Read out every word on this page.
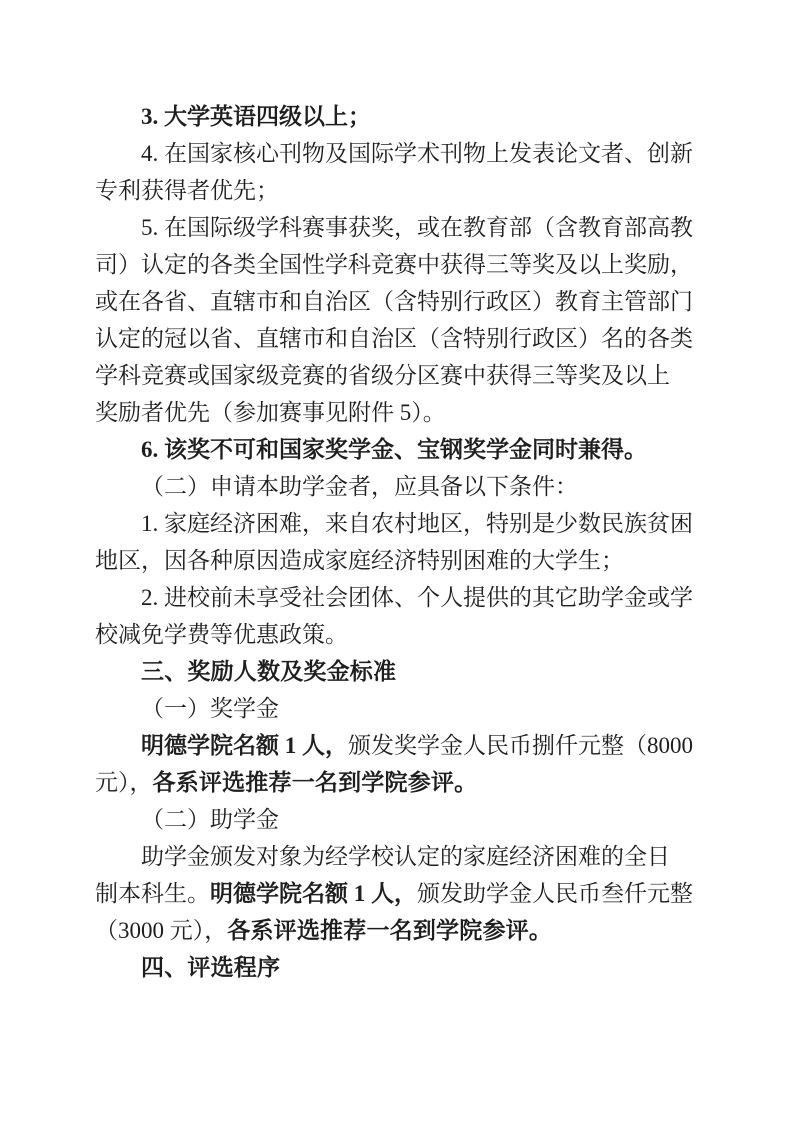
3. 大学英语四级以上；
4. 在国家核心刊物及国际学术刊物上发表论文者、创新
专利获得者优先；
5. 在国际级学科赛事获奖，或在教育部（含教育部高教
司）认定的各类全国性学科竞赛中获得三等奖及以上奖励，
或在各省、直辖市和自治区（含特别行政区）教育主管部门
认定的冠以省、直辖市和自治区（含特别行政区）名的各类
学科竞赛或国家级竞赛的省级分区赛中获得三等奖及以上
奖励者优先（参加赛事见附件 5）。
6. 该奖不可和国家奖学金、宝钢奖学金同时兼得。
（二）申请本助学金者，应具备以下条件：
1. 家庭经济困难，来自农村地区，特别是少数民族贫困
地区，因各种原因造成家庭经济特别困难的大学生；
2. 进校前未享受社会团体、个人提供的其它助学金或学
校减免学费等优惠政策。
三、奖励人数及奖金标准
（一）奖学金
明德学院名额 1 人，颁发奖学金人民币捌仟元整（8000
元），各系评选推荐一名到学院参评。
（二）助学金
助学金颁发对象为经学校认定的家庭经济困难的全日
制本科生。明德学院名额 1 人，颁发助学金人民币叁仟元整
（3000 元），各系评选推荐一名到学院参评。
四、评选程序
